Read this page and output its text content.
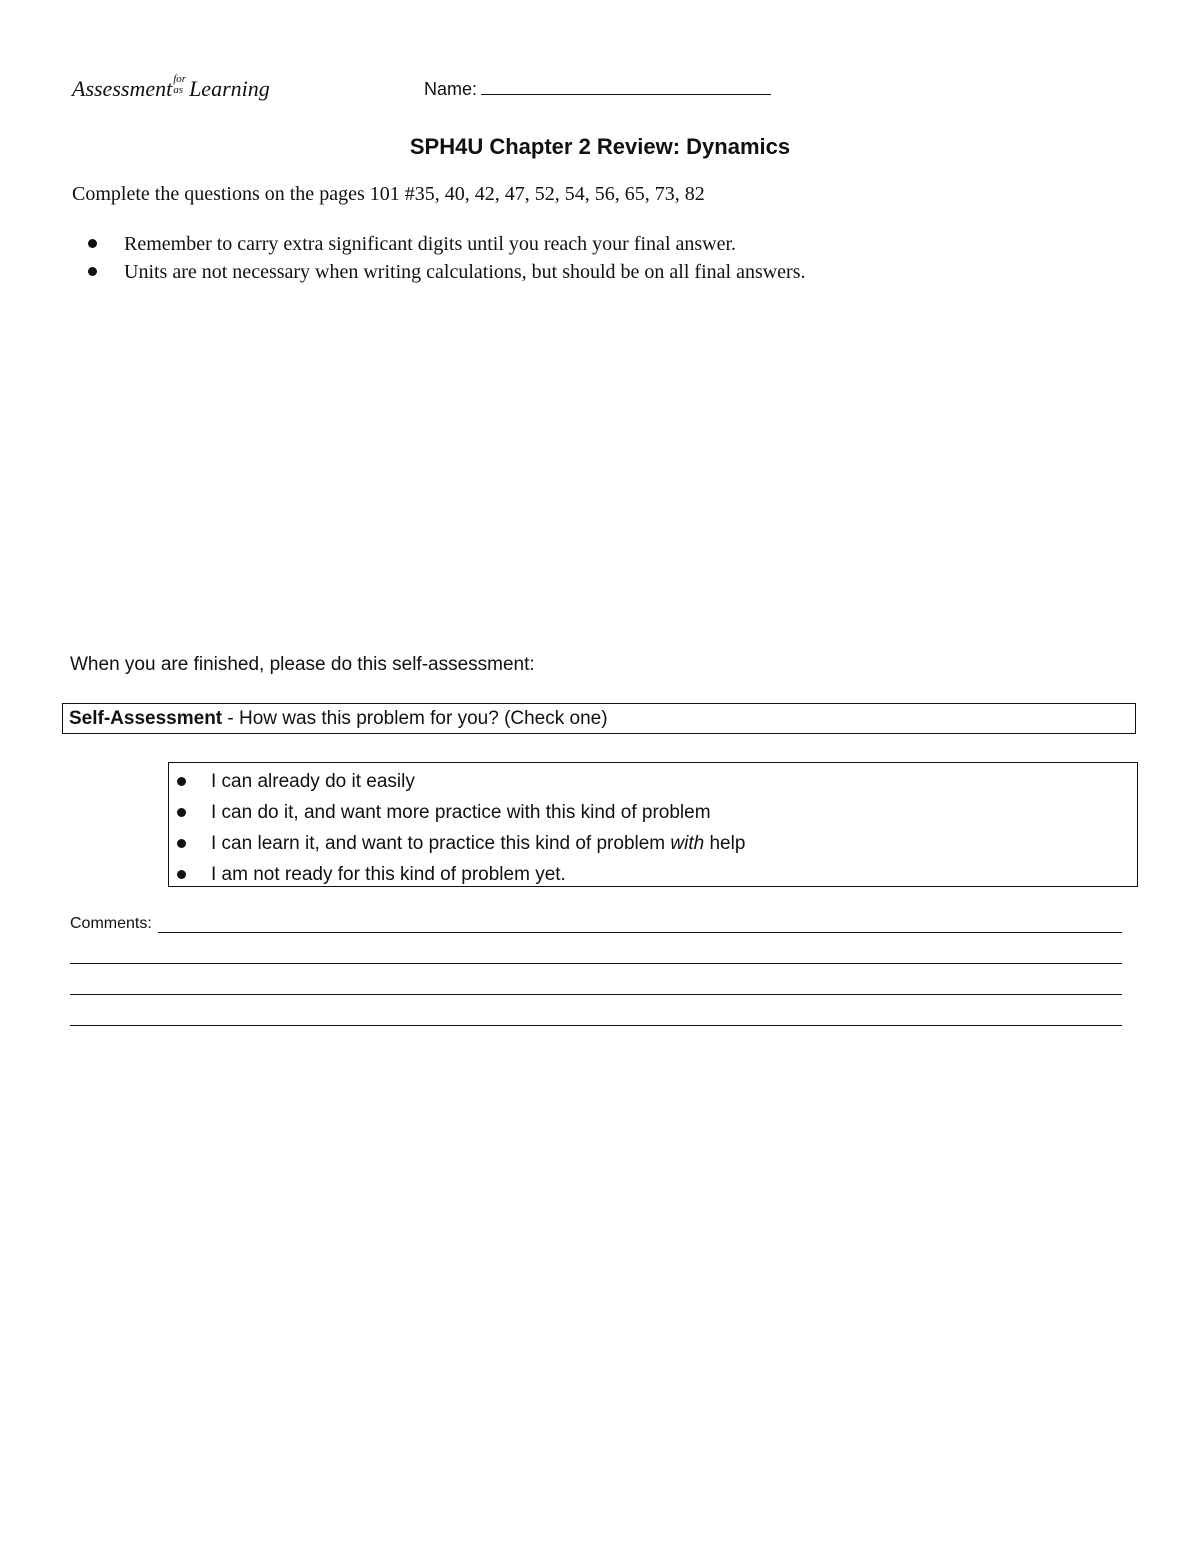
Assessment for
as Learning	Name:
SPH4U Chapter 2 Review: Dynamics
Complete the questions on the pages 101 #35, 40, 42, 47, 52, 54, 56, 65, 73, 82
Remember to carry extra significant digits until you reach your final answer.
Units are not necessary when writing calculations, but should be on all final answers.
When you are finished, please do this self-assessment:
Self-Assessment - How was this problem for you? (Check one)
I can already do it easily
I can do it, and want more practice with this kind of problem
I can learn it, and want to practice this kind of problem with help
I am not ready for this kind of problem yet.
Comments:
